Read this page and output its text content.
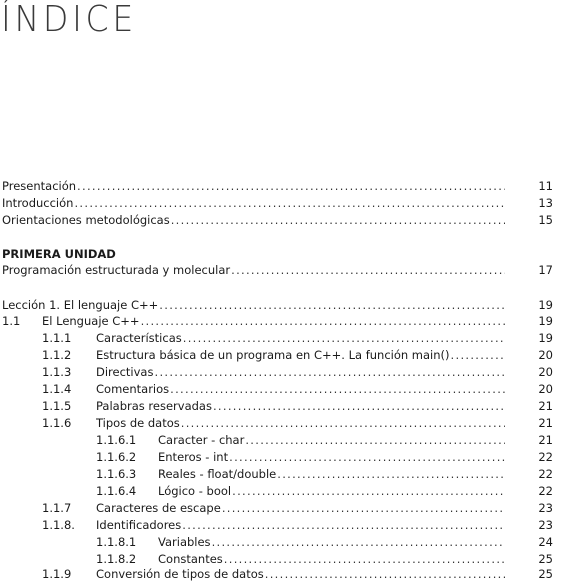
ÍNDICE
Presentación .....	11
Introducción .....	13
Orientaciones metodológicas .....	15
PRIMERA UNIDAD
Programación estructurada y molecular .....	17
Lección 1. El lenguaje C++ .....	19
1.1 El Lenguaje C++ .....	19
1.1.1 Características .....	19
1.1.2 Estructura básica de un programa en C++. La función main() .....	20
1.1.3 Directivas .....	20
1.1.4 Comentarios .....	20
1.1.5 Palabras reservadas .....	21
1.1.6 Tipos de datos .....	21
1.1.6.1 Caracter - char .....	21
1.1.6.2 Enteros - int .....	22
1.1.6.3 Reales - float/double .....	22
1.1.6.4 Lógico - bool .....	22
1.1.7 Caracteres de escape .....	23
1.1.8. Identificadores .....	23
1.1.8.1 Variables .....	24
1.1.8.2 Constantes .....	25
1.1.9 Conversión de tipos de datos .....	25
